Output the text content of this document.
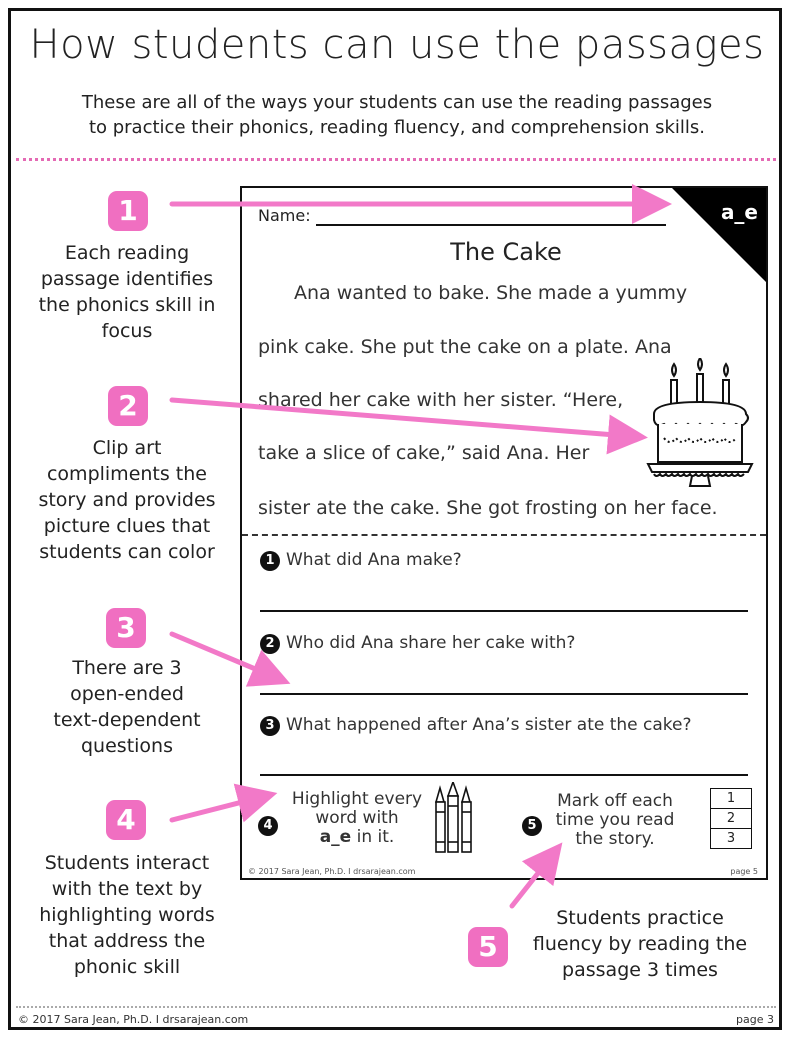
How students can use the passages
These are all of the ways your students can use the reading passages
to practice their phonics, reading fluency, and comprehension skills.
1
Each reading
passage identifies
the phonics skill in
focus
2
Clip art
compliments the
story and provides
picture clues that
students can color
3
There are 3
open-ended
text-dependent
questions
4
Students interact
with the text by
highlighting words
that address the
phonic skill
5
Students practice
fluency by reading the
passage 3 times
a_e
Name:
The Cake
Ana wanted to bake. She made a yummy
pink cake. She put the cake on a plate. Ana
shared her cake with her sister. “Here,
take a slice of cake,” said Ana. Her
sister ate the cake. She got frosting on her face.
1 What did Ana make?
2 Who did Ana share her cake with?
3 What happened after Ana’s sister ate the cake?
4
Highlight every
word with
a_e in it.
5
Mark off each
time you read
the story.
1
2
3
© 2017 Sara Jean, Ph.D. I drsarajean.com	page 5
© 2017 Sara Jean, Ph.D. I drsarajean.com	page 3
